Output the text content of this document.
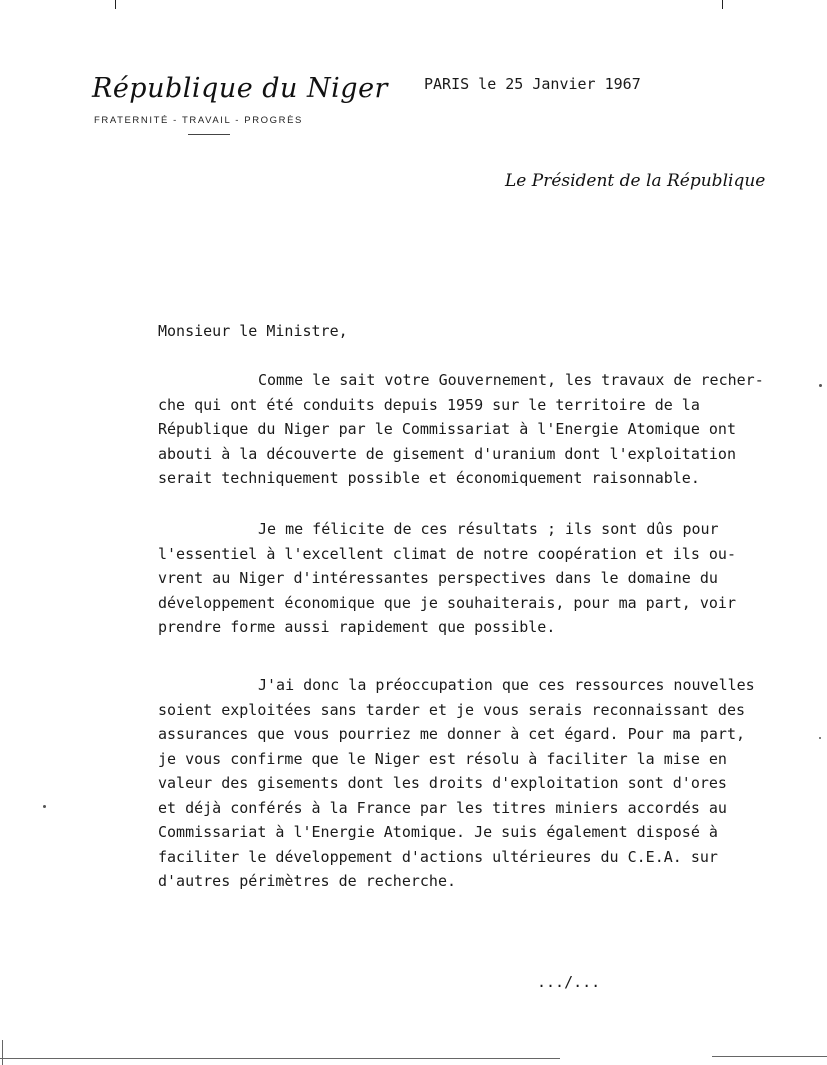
République du Niger
FRATERNITÉ - TRAVAIL - PROGRÈS
PARIS le 25 Janvier 1967
Le Président de la République
Monsieur le Ministre,
Comme le sait votre Gouvernement, les travaux de recher-
che qui ont été conduits depuis 1959 sur le territoire de la
République du Niger par le Commissariat à l'Energie Atomique ont
abouti à la découverte de gisement d'uranium dont l'exploitation
serait techniquement possible et économiquement raisonnable.
Je me félicite de ces résultats ; ils sont dûs pour
l'essentiel à l'excellent climat de notre coopération et ils ou-
vrent au Niger d'intéressantes perspectives dans le domaine du
développement économique que je souhaiterais, pour ma part, voir
prendre forme aussi rapidement que possible.
J'ai donc la préoccupation que ces ressources nouvelles
soient exploitées sans tarder et je vous serais reconnaissant des
assurances que vous pourriez me donner à cet égard. Pour ma part,
je vous confirme que le Niger est résolu à faciliter la mise en
valeur des gisements dont les droits d'exploitation sont d'ores
et déjà conférés à la France par les titres miniers accordés au
Commissariat à l'Energie Atomique. Je suis également disposé à
faciliter le développement d'actions ultérieures du C.E.A. sur
d'autres périmètres de recherche.
.../...
